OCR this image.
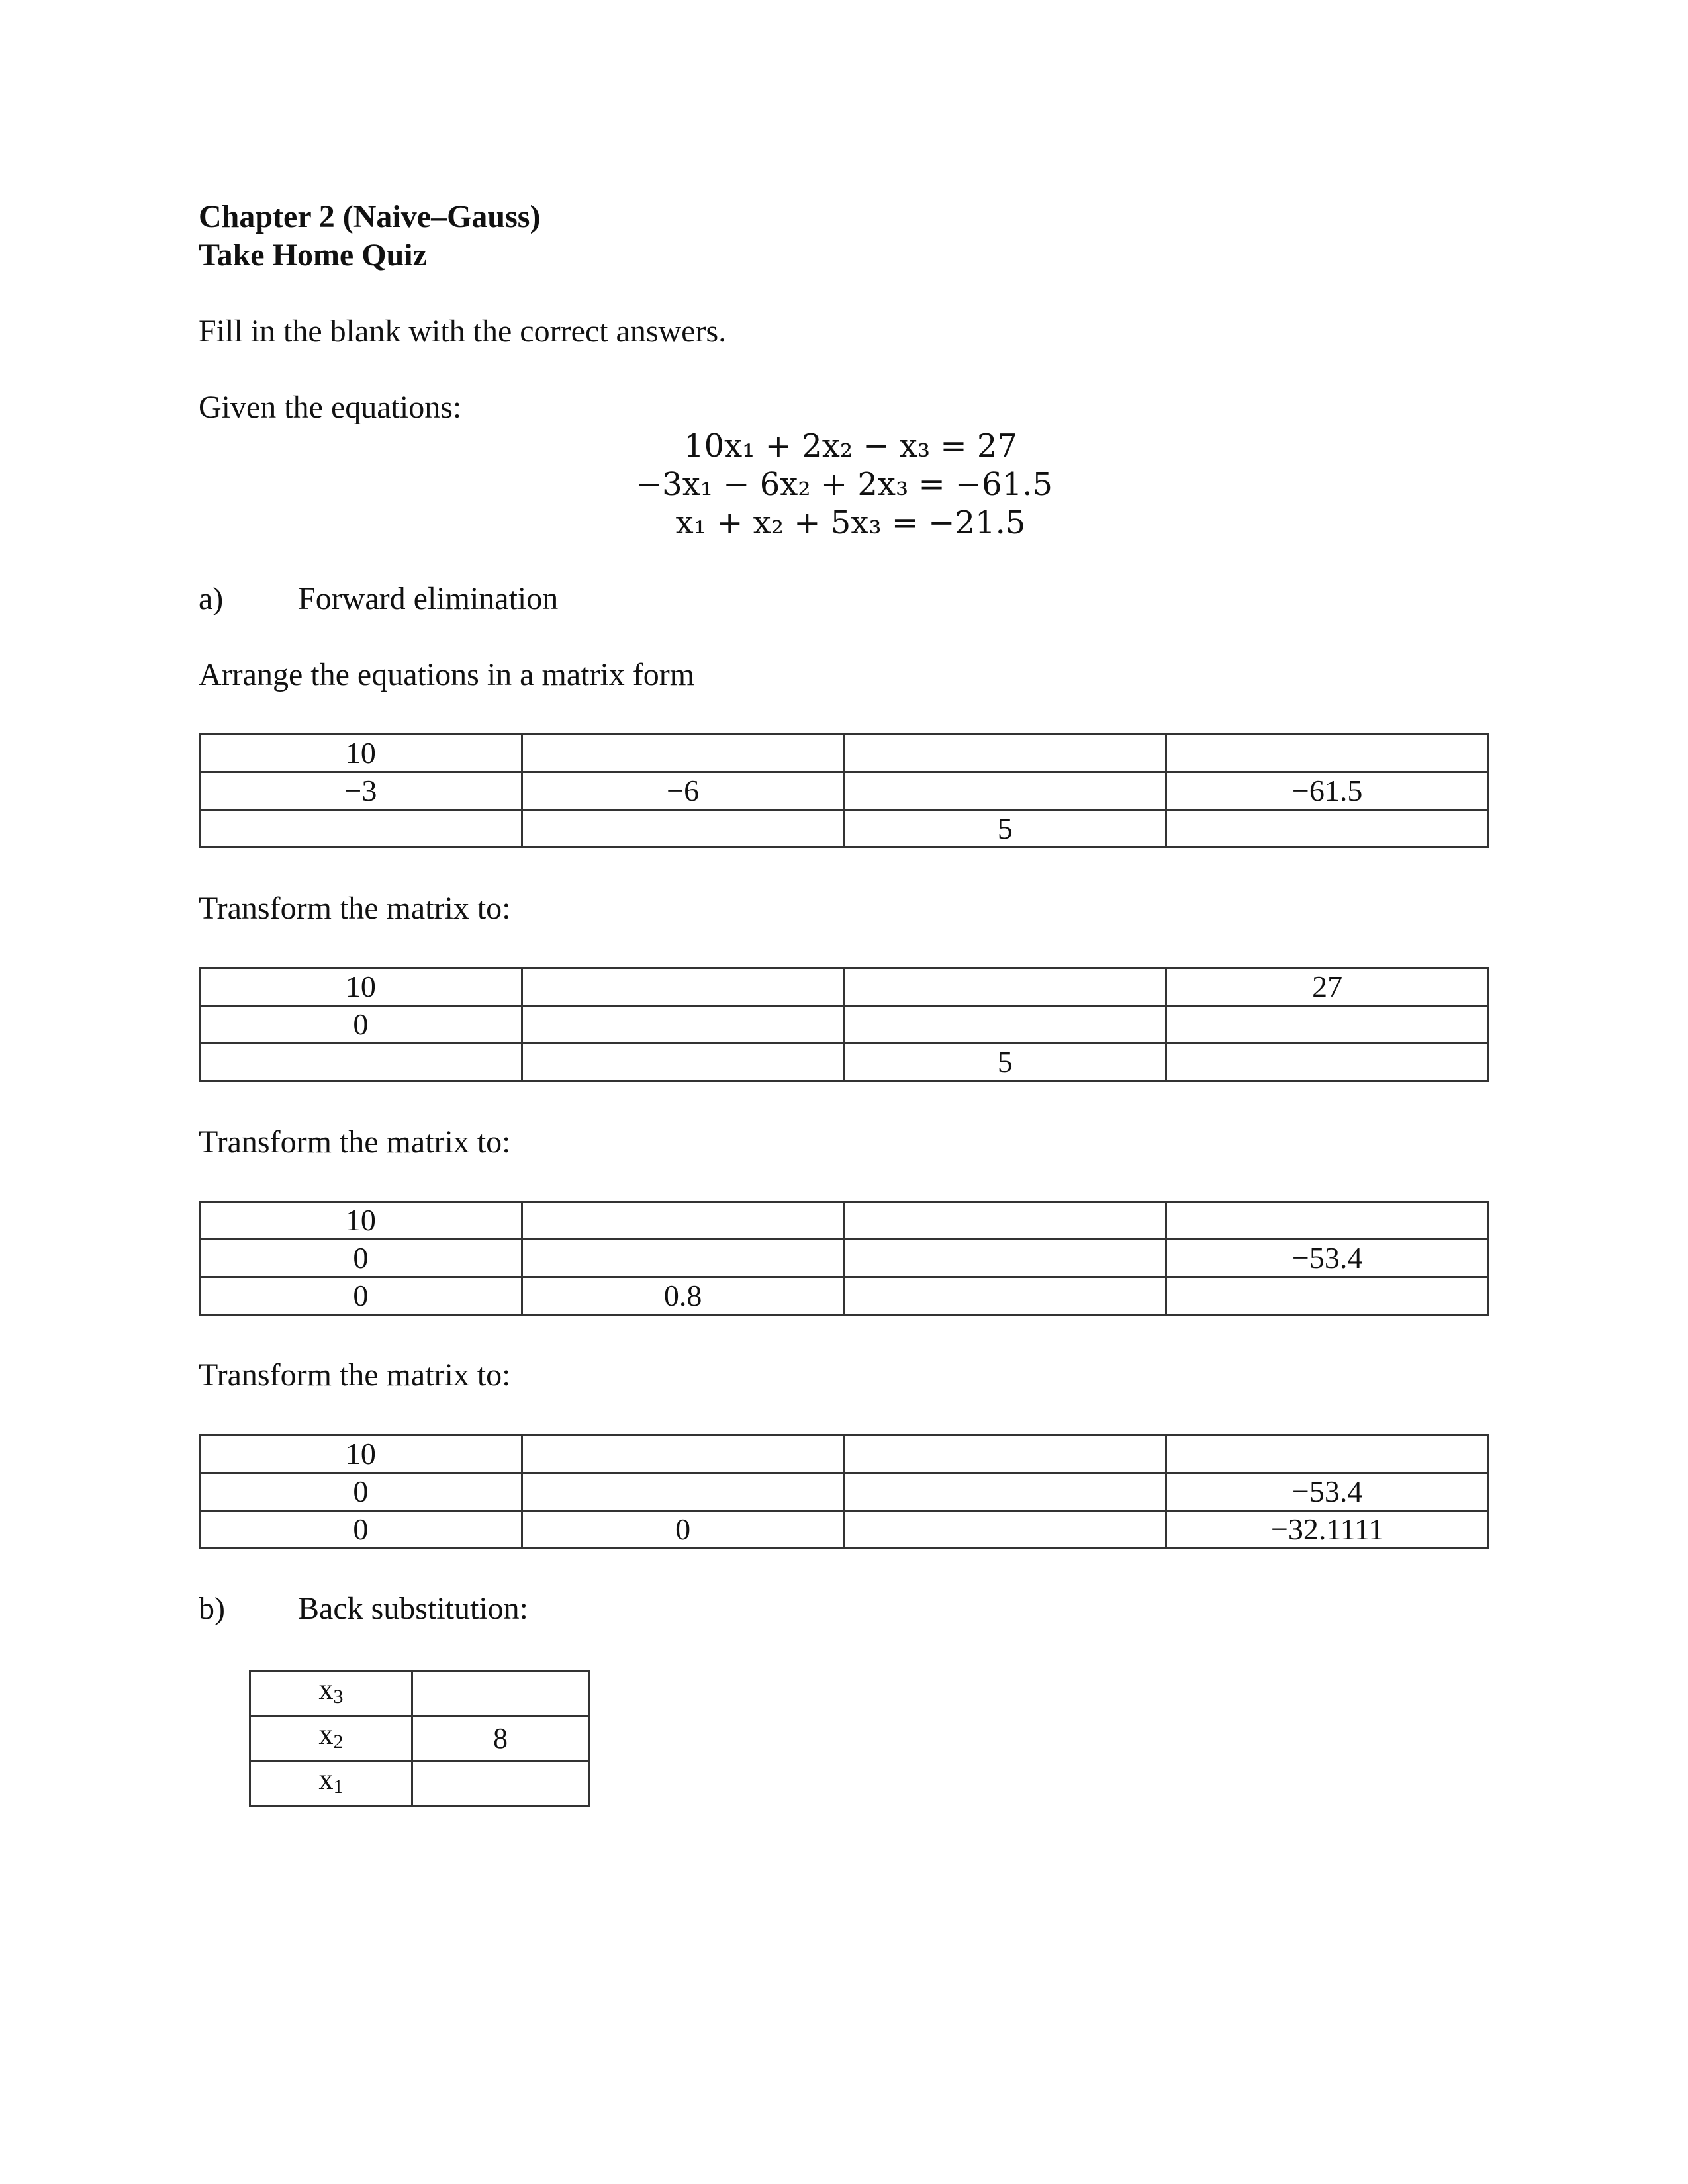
Chapter 2 (Naive–Gauss)
Take Home Quiz
Fill in the blank with the correct answers.
Given the equations:
10x₁ + 2x₂ − x₃ = 27
−3x₁ − 6x₂ + 2x₃ = −61.5
x₁ + x₂ + 5x₃ = −21.5
a) Forward elimination
Arrange the equations in a matrix form
10			
−3	−6		−61.5
		5	
Transform the matrix to:
10			27
0			
		5	
Transform the matrix to:
10			
0			−53.4
0	0.8		
Transform the matrix to:
10			
0			−53.4
0	0		−32.1111
b) Back substitution:
x3	
x2	8
x1	
